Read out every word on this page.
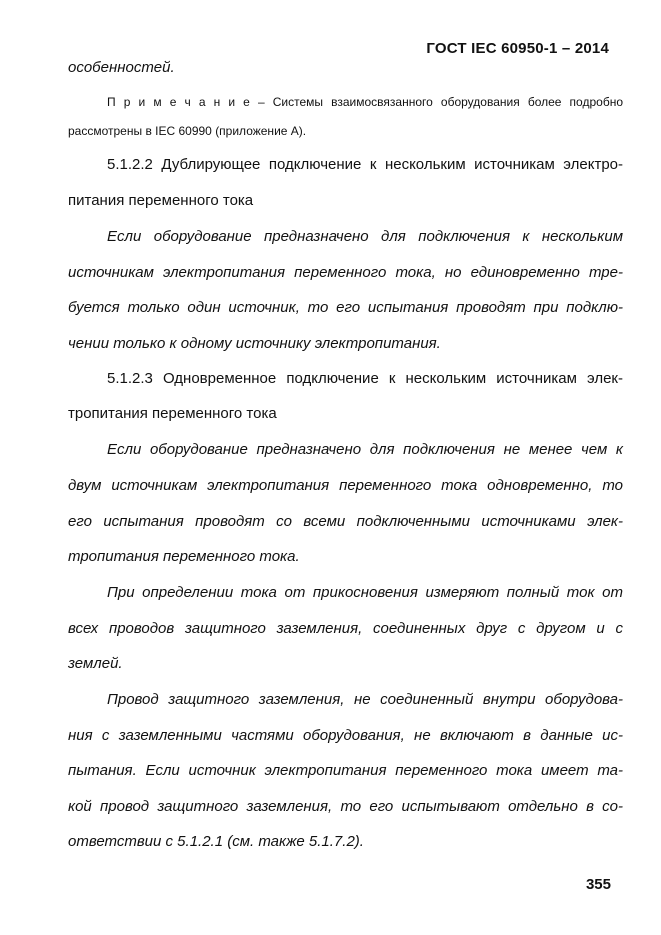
ГОСТ IEC 60950-1 – 2014
особенностей.
П р и м е ч а н и е – Системы взаимосвязанного оборудования более подробно
рассмотрены в IEC 60990 (приложение А).
5.1.2.2 Дублирующее подключение к нескольким источникам электро-
питания переменного тока
Если оборудование предназначено для подключения к нескольким
источникам электропитания переменного тока, но единовременно тре-
буется только один источник, то его испытания проводят при подклю-
чении только к одному источнику электропитания.
5.1.2.3 Одновременное подключение к нескольким источникам элек-
тропитания переменного тока
Если оборудование предназначено для подключения не менее чем к
двум источникам электропитания переменного тока одновременно, то
его испытания проводят со всеми подключенными источниками элек-
тропитания переменного тока.
При определении тока от прикосновения измеряют полный ток от
всех проводов защитного заземления, соединенных друг с другом и с
землей.
Провод защитного заземления, не соединенный внутри оборудова-
ния с заземленными частями оборудования, не включают в данные ис-
пытания. Если источник электропитания переменного тока имеет та-
кой провод защитного заземления, то его испытывают отдельно в со-
ответствии с 5.1.2.1 (см. также 5.1.7.2).
355
